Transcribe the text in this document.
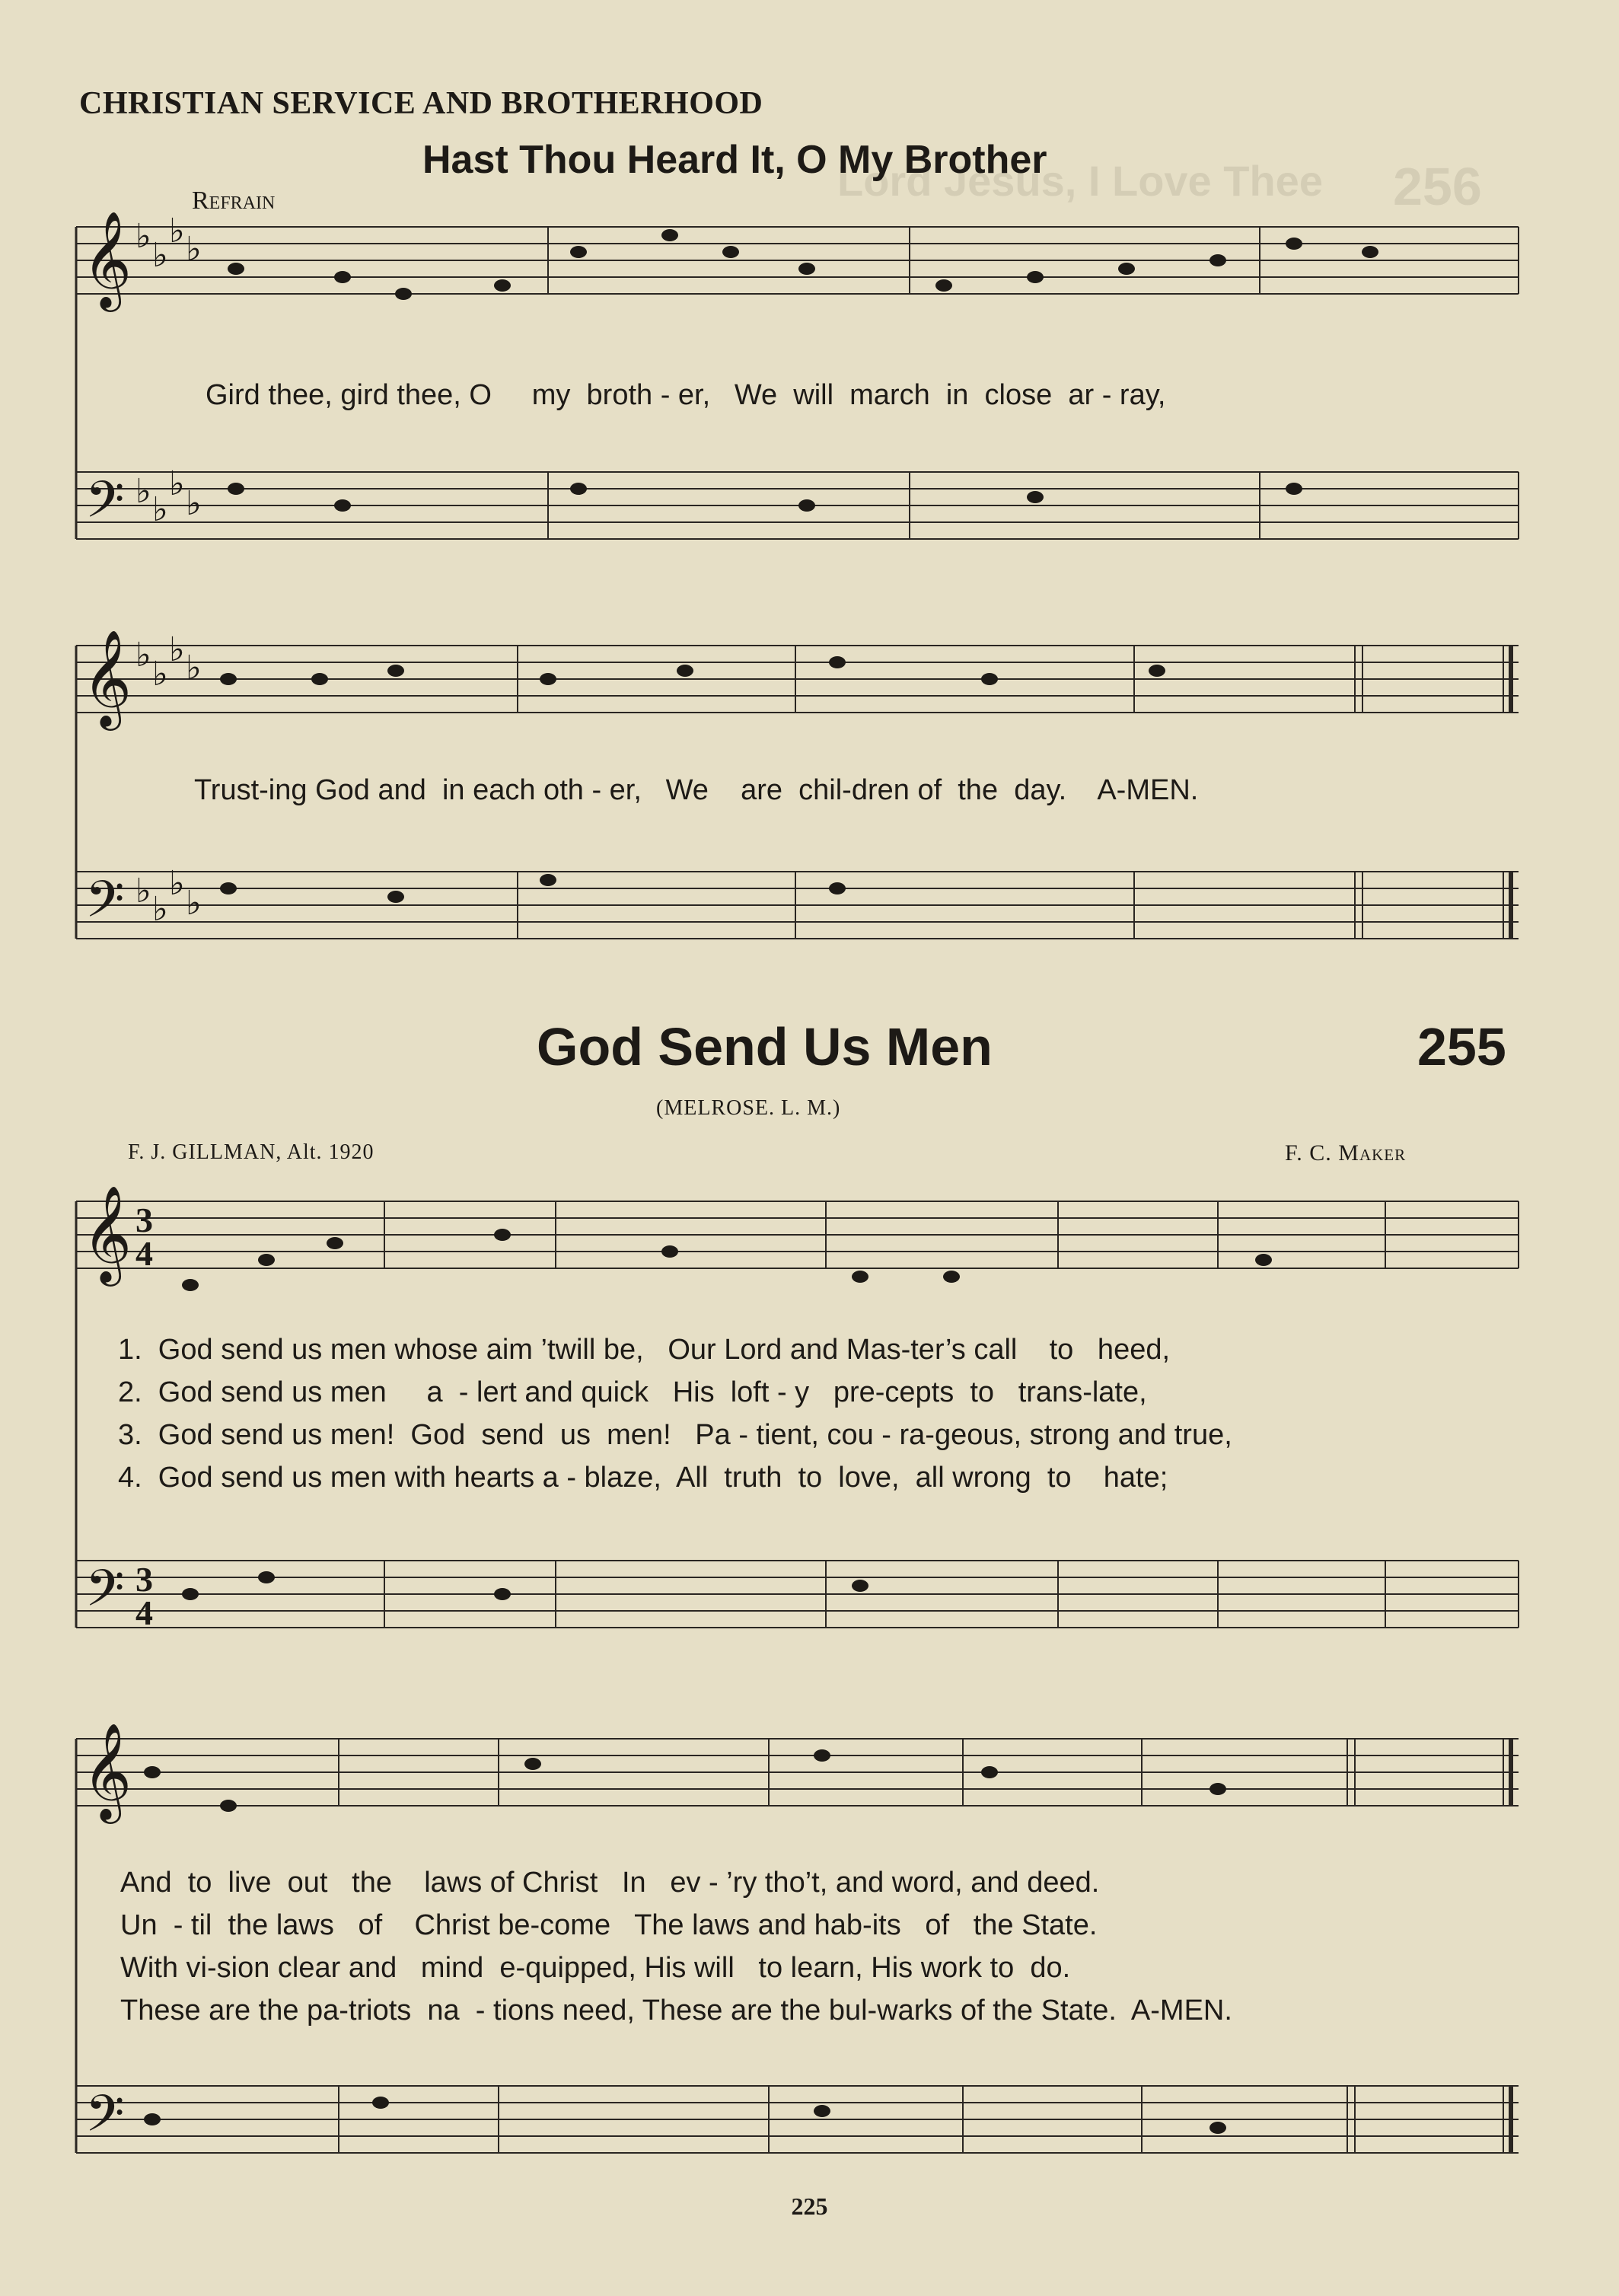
256
Lord Jesus, I Love Thee
CHRISTIAN SERVICE AND BROTHERHOOD
Hast Thou Heard It, O My Brother
Refrain
𝄞
𝄢
𝄞
𝄢
𝄞
𝄢
𝄞
𝄢
♭ ♭
♭ ♭
♭ ♭
♭
♭
♭ ♭
♭ ♭
♭ ♭
♭
♭
3
4
3
4
Gird thee, gird thee, O     my  broth - er,   We  will  march  in  close  ar - ray,
Trust-ing God and  in each oth - er,   We    are  chil-dren of  the  day.    A-MEN.
God Send Us Men	255
(MELROSE. L. M.)
F. J. GILLMAN, Alt. 1920	F. C. Maker
1.  God send us men whose aim ’twill be,   Our Lord and Mas-ter’s call    to   heed,
2.  God send us men     a  - lert and quick   His  loft - y   pre-cepts  to   trans-late,
3.  God send us men!  God  send  us  men!   Pa - tient, cou - ra-geous, strong and true,
4.  God send us men with hearts a - blaze,  All  truth  to  love,  all wrong  to    hate;
And  to  live  out   the    laws of Christ   In   ev - ’ry tho’t, and word, and deed.
Un  - til  the laws   of    Christ be-come   The laws and hab-its   of   the State.
With vi-sion clear and   mind  e-quipped, His will   to learn, His work to  do.
These are the pa-triots  na  - tions need, These are the bul-warks of the State.  A-MEN.
225
